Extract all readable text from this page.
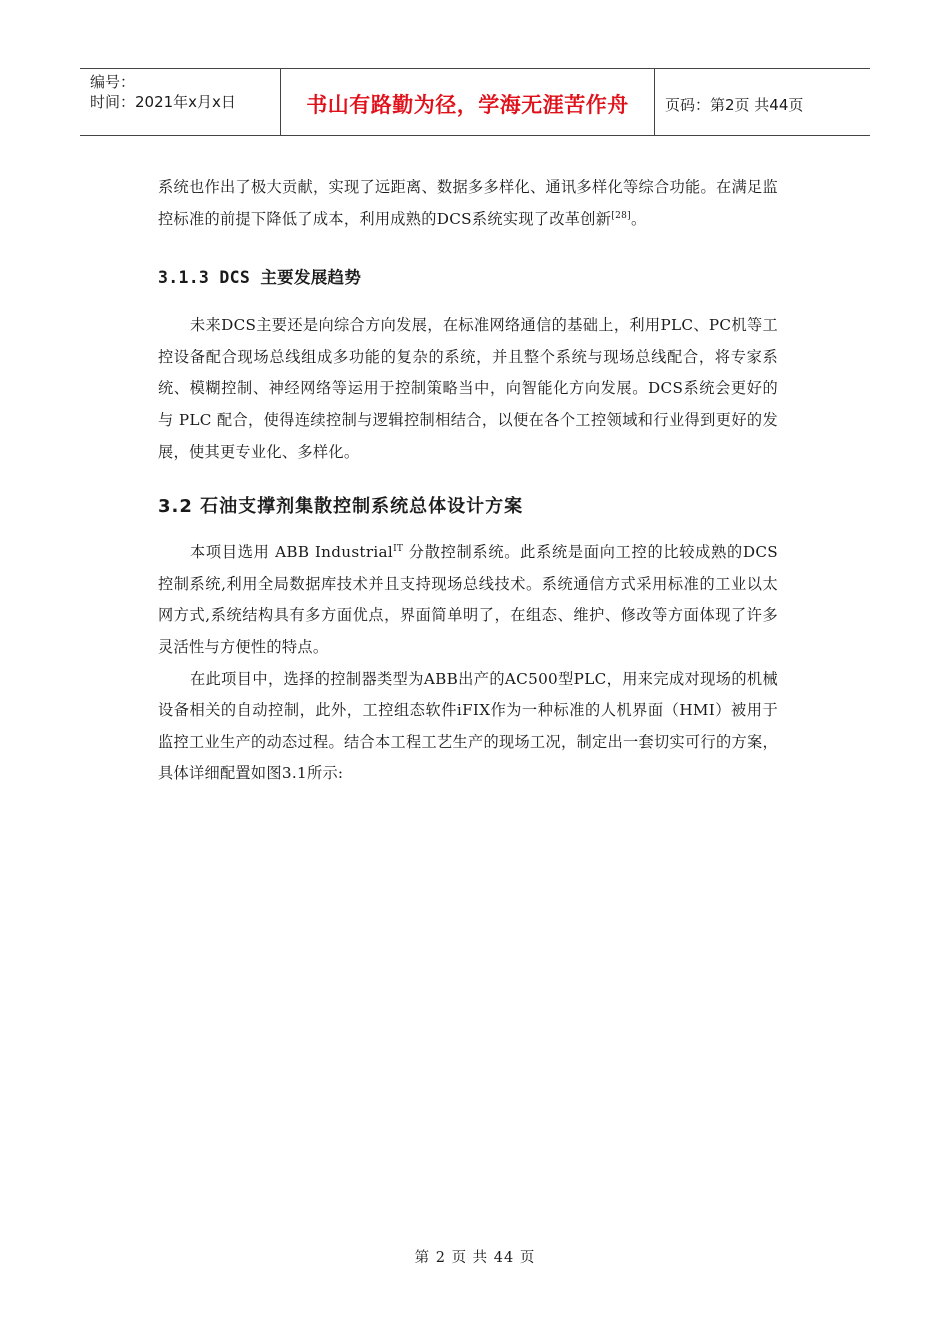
编号：
时间：2021年x月x日	书山有路勤为径，学海无涯苦作舟	页码：第2页 共44页

系统也作出了极大贡献，实现了远距离、数据多多样化、通讯多样化等综合功能。在满足监控标准的前提下降低了成本，利用成熟的DCS系统实现了改革创新[28]。

3.1.3 DCS 主要发展趋势

未来DCS主要还是向综合方向发展，在标准网络通信的基础上，利用PLC、PC机等工控设备配合现场总线组成多功能的复杂的系统，并且整个系统与现场总线配合，将专家系统、模糊控制、神经网络等运用于控制策略当中，向智能化方向发展。DCS系统会更好的与 PLC 配合，使得连续控制与逻辑控制相结合，以便在各个工控领域和行业得到更好的发展，使其更专业化、多样化。

3.2 石油支撑剂集散控制系统总体设计方案

本项目选用 ABB Industrial$^{IT}$ 分散控制系统。此系统是面向工控的比较成熟的DCS控制系统,利用全局数据库技术并且支持现场总线技术。系统通信方式采用标准的工业以太网方式,系统结构具有多方面优点，界面简单明了，在组态、维护、修改等方面体现了许多灵活性与方便性的特点。

在此项目中，选择的控制器类型为ABB出产的AC500型PLC，用来完成对现场的机械设备相关的自动控制，此外，工控组态软件iFIX作为一种标准的人机界面（HMI）被用于监控工业生产的动态过程。结合本工程工艺生产的现场工况，制定出一套切实可行的方案，具体详细配置如图3.1所示:

第 2 页 共 44 页
